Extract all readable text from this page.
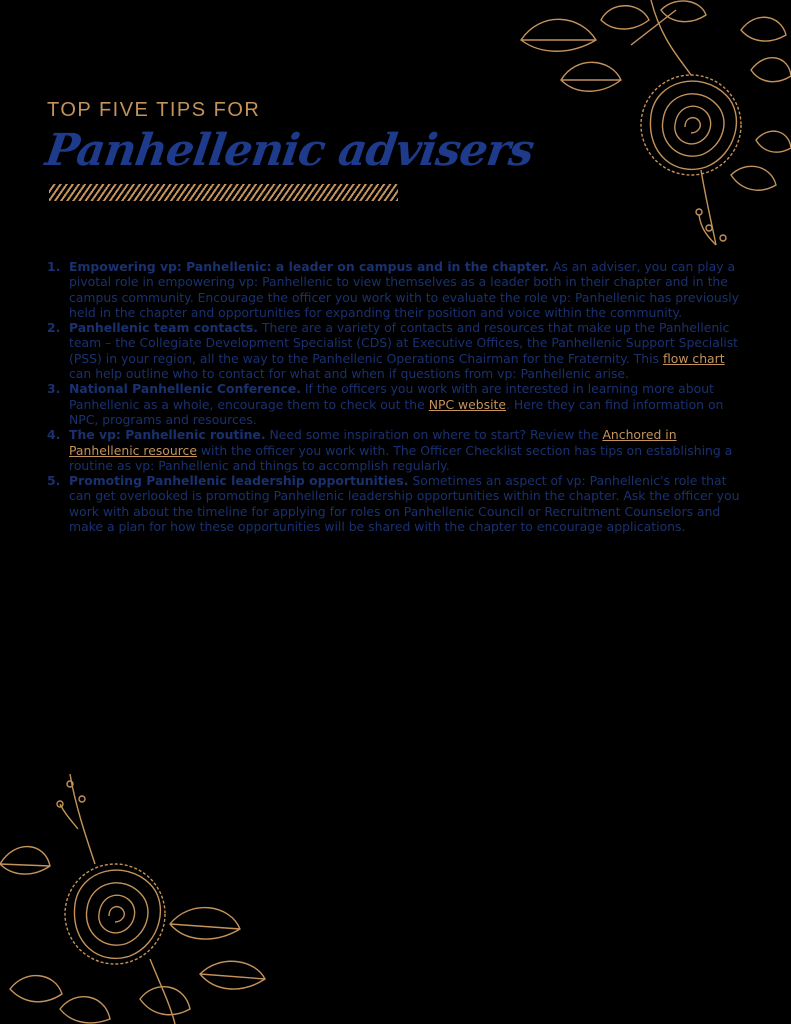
TOP FIVE TIPS FOR
Panhellenic advisers
1. Empowering vp: Panhellenic: a leader on campus and in the chapter. As an adviser, you can play a pivotal role in empowering vp: Panhellenic to view themselves as a leader both in their chapter and in the campus community. Encourage the officer you work with to evaluate the role vp: Panhellenic has previously held in the chapter and opportunities for expanding their position and voice within the community.
2. Panhellenic team contacts. There are a variety of contacts and resources that make up the Panhellenic team – the Collegiate Development Specialist (CDS) at Executive Offices, the Panhellenic Support Specialist (PSS) in your region, all the way to the Panhellenic Operations Chairman for the Fraternity. This flow chart can help outline who to contact for what and when if questions from vp: Panhellenic arise.
3. National Panhellenic Conference. If the officers you work with are interested in learning more about Panhellenic as a whole, encourage them to check out the NPC website. Here they can find information on NPC, programs and resources.
4. The vp: Panhellenic routine. Need some inspiration on where to start? Review the Anchored in Panhellenic resource with the officer you work with. The Officer Checklist section has tips on establishing a routine as vp: Panhellenic and things to accomplish regularly.
5. Promoting Panhellenic leadership opportunities. Sometimes an aspect of vp: Panhellenic's role that can get overlooked is promoting Panhellenic leadership opportunities within the chapter. Ask the officer you work with about the timeline for applying for roles on Panhellenic Council or Recruitment Counselors and make a plan for how these opportunities will be shared with the chapter to encourage applications.
